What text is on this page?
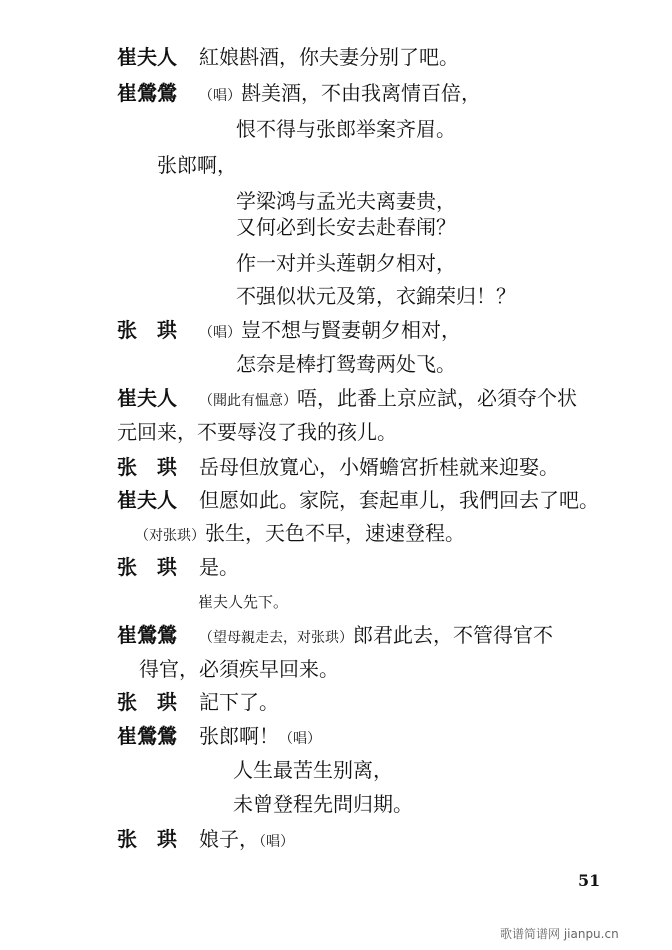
崔夫人 紅娘斟酒，你夫妻分别了吧。
崔鶯鶯 （唱）斟美酒，不由我离情百倍，
恨不得与张郎举案齐眉。
张郎啊，
学梁鸿与孟光夫离妻贵，
又何必到长安去赴春闱？
作一对并头莲朝夕相对，
不强似状元及第，衣錦荣归！？
张　珙 （唱）豈不想与賢妻朝夕相对，
怎奈是棒打鸳鸯两处飞。
崔夫人 （聞此有愠意）唔，此番上京应試，必須夺个状
元回来，不要辱沒了我的孩儿。
张　珙 岳母但放寬心，小婿蟾宮折桂就来迎娶。
崔夫人 但愿如此。家院，套起車儿，我們回去了吧。
（对张珙）张生，天色不早，速速登程。
张　珙 是。
崔夫人先下。
崔鶯鶯 （望母親走去，对张珙）郎君此去，不管得官不
得官，必須疾早回来。
张　珙 記下了。
崔鶯鶯 张郎啊！（唱）
人生最苦生别离，
未曾登程先問归期。
张　珙 娘子，（唱）
51
歌谱简谱网 jianpu.cn
